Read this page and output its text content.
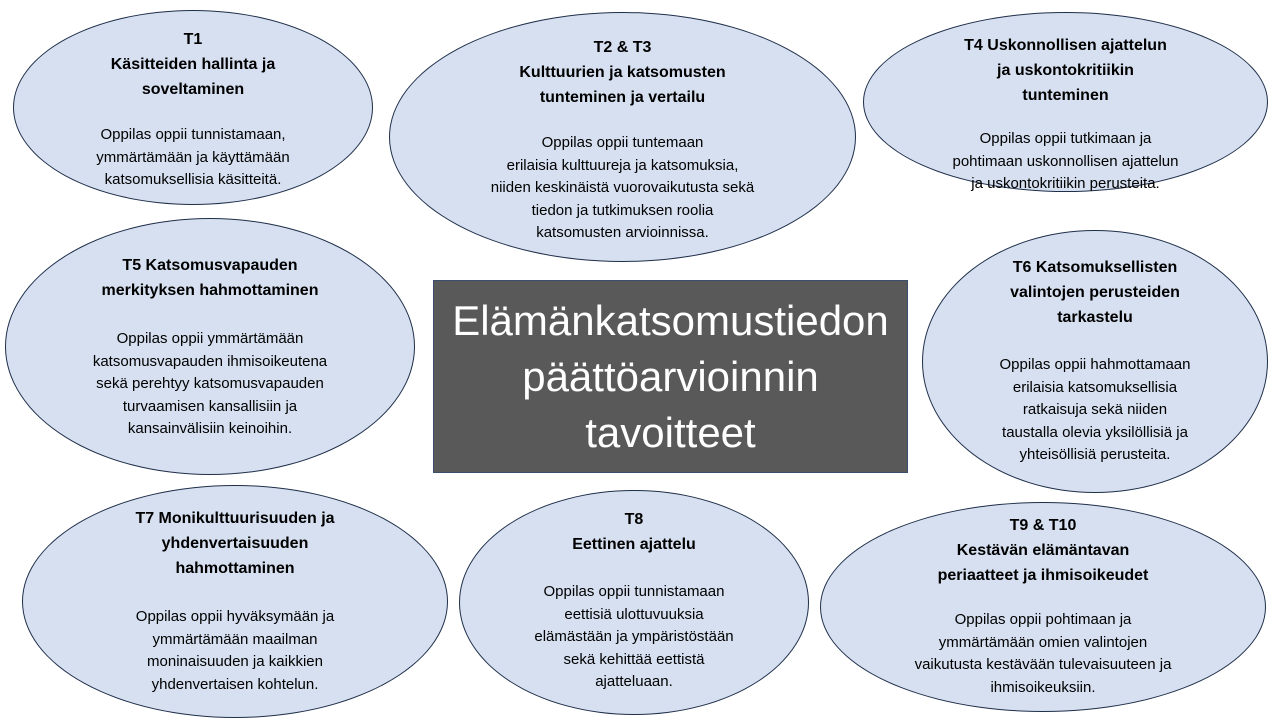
Elämänkatsomustiedon

päättöarvioinnin

tavoitteet

T1

Käsitteiden hallinta ja

soveltaminen

Oppilas oppii tunnistamaan,

ymmärtämään ja käyttämään

katsomuksellisia käsitteitä.

T2 & T3

Kulttuurien ja katsomusten

tunteminen ja vertailu

Oppilas oppii tuntemaan

erilaisia kulttuureja ja katsomuksia,

niiden keskinäistä vuorovaikutusta sekä

tiedon ja tutkimuksen roolia

katsomusten arvioinnissa.

T4 Uskonnollisen ajattelun

ja uskontokritiikin

tunteminen

Oppilas oppii tutkimaan ja

pohtimaan uskonnollisen ajattelun

ja uskontokritiikin perusteita.

T5 Katsomusvapauden

merkityksen hahmottaminen

Oppilas oppii ymmärtämään

katsomusvapauden ihmisoikeutena

sekä perehtyy katsomusvapauden

turvaamisen kansallisiin ja

kansainvälisiin keinoihin.

T6 Katsomuksellisten

valintojen perusteiden

tarkastelu

Oppilas oppii hahmottamaan

erilaisia katsomuksellisia

ratkaisuja sekä niiden

taustalla olevia yksilöllisiä ja

yhteisöllisiä perusteita.

T7 Monikulttuurisuuden ja

yhdenvertaisuuden

hahmottaminen

Oppilas oppii hyväksymään ja

ymmärtämään maailman

moninaisuuden ja kaikkien

yhdenvertaisen kohtelun.

T8

Eettinen ajattelu

Oppilas oppii tunnistamaan

eettisiä ulottuvuuksia

elämästään ja ympäristöstään

sekä kehittää eettistä

ajatteluaan.

T9 & T10

Kestävän elämäntavan

periaatteet ja ihmisoikeudet

Oppilas oppii pohtimaan ja

ymmärtämään omien valintojen

vaikutusta kestävään tulevaisuuteen ja

ihmisoikeuksiin.
